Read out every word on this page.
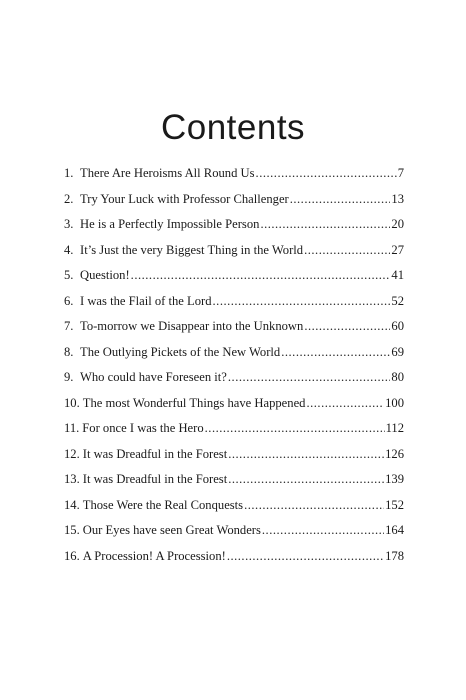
Contents
1. There Are Heroisms All Round Us .....	7
2. Try Your Luck with Professor Challenger .....	13
3. He is a Perfectly Impossible Person .....	20
4. It’s Just the very Biggest Thing in the World .....	27
5. Question! .....	41
6. I was the Flail of the Lord .....	52
7. To-morrow we Disappear into the Unknown .....	60
8. The Outlying Pickets of the New World .....	69
9. Who could have Foreseen it? .....	80
10. The most Wonderful Things have Happened .....	100
11. For once I was the Hero .....	112
12. It was Dreadful in the Forest .....	126
13. It was Dreadful in the Forest .....	139
14. Those Were the Real Conquests .....	152
15. Our Eyes have seen Great Wonders .....	164
16. A Procession! A Procession! .....	178
